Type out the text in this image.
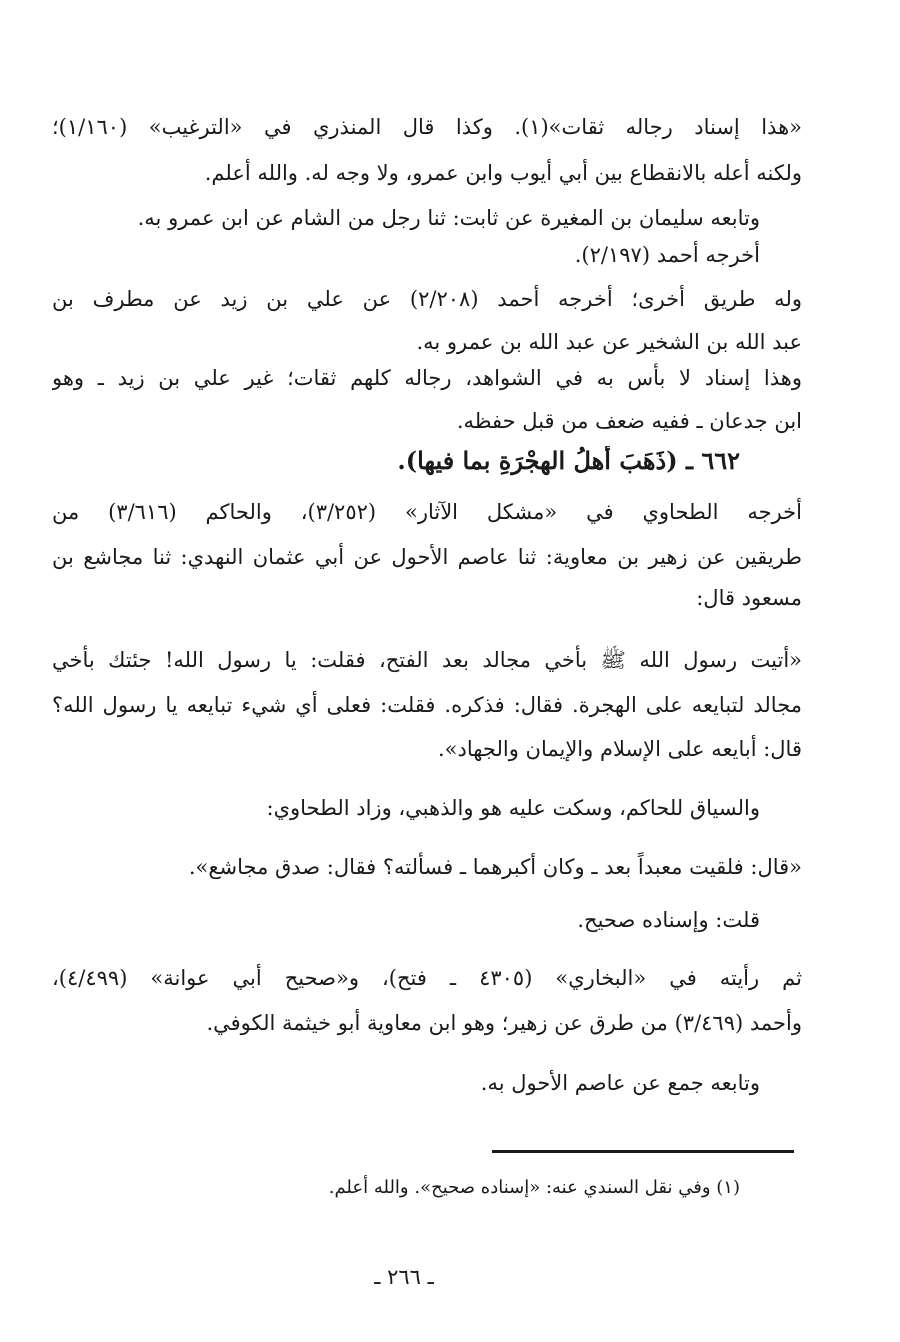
«هذا إسناد رجاله ثقات»(١). وكذا قال المنذري في «الترغيب» (١/١٦٠)؛
ولكنه أعله بالانقطاع بين أبي أيوب وابن عمرو، ولا وجه له. والله أعلم.
وتابعه سليمان بن المغيرة عن ثابت: ثنا رجل من الشام عن ابن عمرو به.
أخرجه أحمد (٢/١٩٧).
وله طريق أخرى؛ أخرجه أحمد (٢/٢٠٨) عن علي بن زيد عن مطرف بن
عبد الله بن الشخير عن عبد الله بن عمرو به.
وهذا إسناد لا بأس به في الشواهد، رجاله كلهم ثقات؛ غير علي بن زيد ـ وهو
ابن جدعان ـ ففيه ضعف من قبل حفظه.
٦٦٢ ـ (ذَهَبَ أهلُ الهِجْرَةِ بما فيها).
أخرجه الطحاوي في «مشكل الآثار» (٣/٢٥٢)، والحاكم (٣/٦١٦) من
طريقين عن زهير بن معاوية: ثنا عاصم الأحول عن أبي عثمان النهدي: ثنا مجاشع بن
مسعود قال:
«أتيت رسول الله ﷺ بأخي مجالد بعد الفتح، فقلت: يا رسول الله! جئتك بأخي
مجالد لتبايعه على الهجرة. فقال: فذكره. فقلت: فعلى أي شيء تبايعه يا رسول الله؟
قال: أبايعه على الإسلام والإيمان والجهاد».
والسياق للحاكم، وسكت عليه هو والذهبي، وزاد الطحاوي:
«قال: فلقيت معبداً بعد ـ وكان أكبرهما ـ فسألته؟ فقال: صدق مجاشع».
قلت: وإسناده صحيح.
ثم رأيته في «البخاري» (٤٣٠٥ ـ فتح)، و«صحيح أبي عوانة» (٤/٤٩٩)،
وأحمد (٣/٤٦٩) من طرق عن زهير؛ وهو ابن معاوية أبو خيثمة الكوفي.
وتابعه جمع عن عاصم الأحول به.
(١) وفي نقل السندي عنه: «إسناده صحيح». والله أعلم.
ـ ٢٦٦ ـ
